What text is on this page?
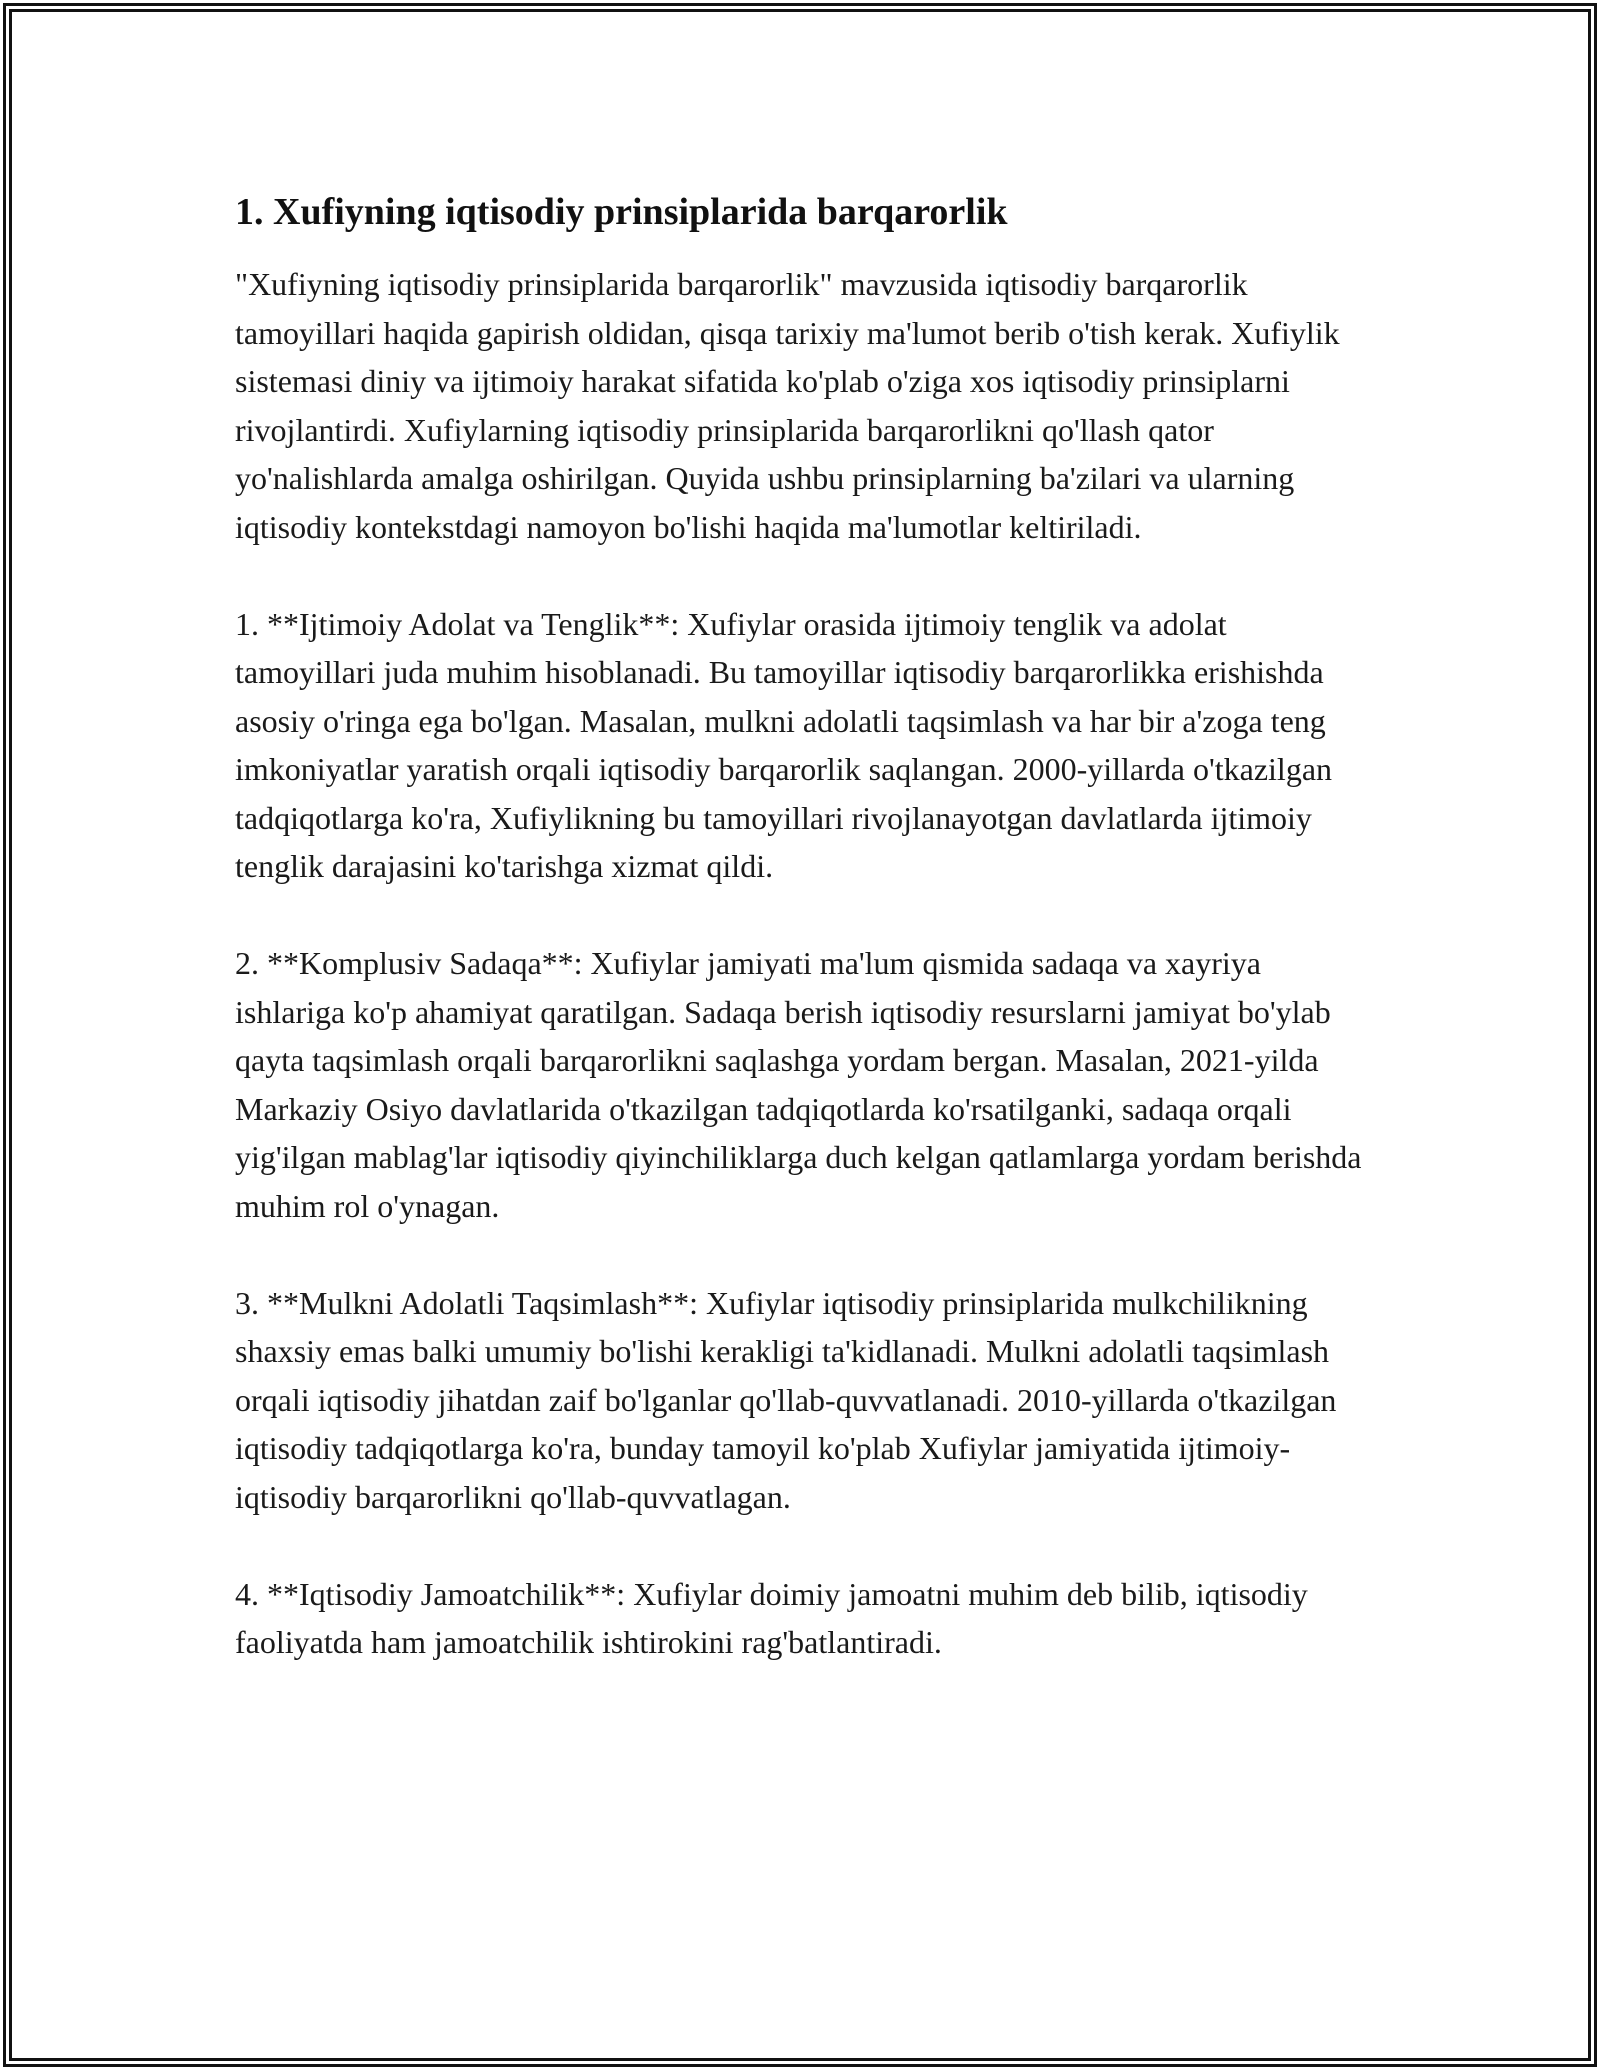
1. Xufiyning iqtisodiy prinsiplarida barqarorlik

"Xufiyning iqtisodiy prinsiplarida barqarorlik" mavzusida iqtisodiy barqarorlik tamoyillari haqida gapirish oldidan, qisqa tarixiy ma'lumot berib o'tish kerak. Xufiylik sistemasi diniy va ijtimoiy harakat sifatida ko'plab o'ziga xos iqtisodiy prinsiplarni rivojlantirdi. Xufiylarning iqtisodiy prinsiplarida barqarorlikni qo'llash qator yo'nalishlarda amalga oshirilgan. Quyida ushbu prinsiplarning ba'zilari va ularning iqtisodiy kontekstdagi namoyon bo'lishi haqida ma'lumotlar keltiriladi.

1. **Ijtimoiy Adolat va Tenglik**: Xufiylar orasida ijtimoiy tenglik va adolat tamoyillari juda muhim hisoblanadi. Bu tamoyillar iqtisodiy barqarorlikka erishishda asosiy o'ringa ega bo'lgan. Masalan, mulkni adolatli taqsimlash va har bir a'zoga teng imkoniyatlar yaratish orqali iqtisodiy barqarorlik saqlangan. 2000-yillarda o'tkazilgan tadqiqotlarga ko'ra, Xufiylikning bu tamoyillari rivojlanayotgan davlatlarda ijtimoiy tenglik darajasini ko'tarishga xizmat qildi.

2. **Komplusiv Sadaqa**: Xufiylar jamiyati ma'lum qismida sadaqa va xayriya ishlariga ko'p ahamiyat qaratilgan. Sadaqa berish iqtisodiy resurslarni jamiyat bo'ylab qayta taqsimlash orqali barqarorlikni saqlashga yordam bergan. Masalan, 2021-yilda Markaziy Osiyo davlatlarida o'tkazilgan tadqiqotlarda ko'rsatilganki, sadaqa orqali yig'ilgan mablag'lar iqtisodiy qiyinchiliklarga duch kelgan qatlamlarga yordam berishda muhim rol o'ynagan.

3. **Mulkni Adolatli Taqsimlash**: Xufiylar iqtisodiy prinsiplarida mulkchilikning shaxsiy emas balki umumiy bo'lishi kerakligi ta'kidlanadi. Mulkni adolatli taqsimlash orqali iqtisodiy jihatdan zaif bo'lganlar qo'llab-quvvatlanadi. 2010-yillarda o'tkazilgan iqtisodiy tadqiqotlarga ko'ra, bunday tamoyil ko'plab Xufiylar jamiyatida ijtimoiy-iqtisodiy barqarorlikni qo'llab-quvvatlagan.

4. **Iqtisodiy Jamoatchilik**: Xufiylar doimiy jamoatni muhim deb bilib, iqtisodiy faoliyatda ham jamoatchilik ishtirokini rag'batlantiradi.
